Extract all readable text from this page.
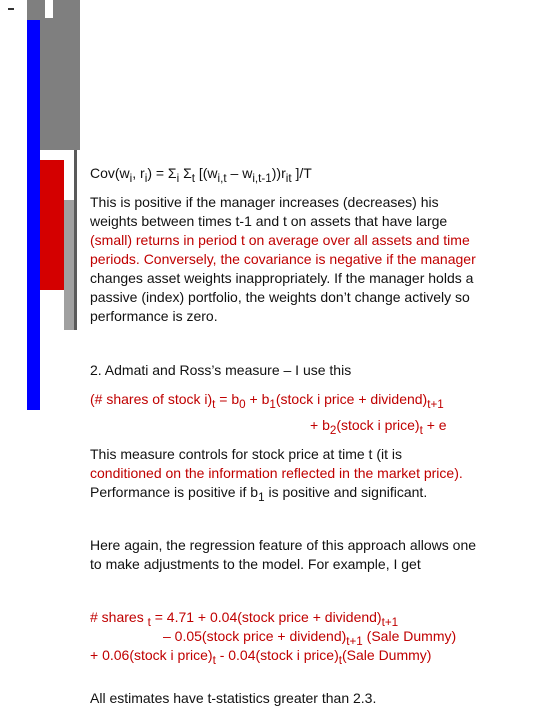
$Cov(w_i$, $r_i) = \Sigma_i$ $\Sigma_t$ $[(w_{i,t} - w_{i,t-1}))r_{it}$ ]/T
This is positive if the manager increases (decreases) his
weights between times t-1 and t on assets that have large
(small) returns in period t on average over all assets and time
periods. Conversely, the covariance is negative if the manager
changes asset weights inappropriately. If the manager holds a
passive (index) portfolio, the weights don’t change actively so
performance is zero.
2. Admati and Ross’s measure – I use this
(# shares of stock $i)_t = b_0$ + $b_1(stock$ i price + $dividend)_{t+1}$
+ $b_2(stock$ i $price)_t + e$
This measure controls for stock price at time t (it is
conditioned on the information reflected in the market price).
Performance is positive if $b_1$ is positive and significant.
Here again, the regression feature of this approach allows one
to make adjustments to the model. For example, I get
# shares $_t$ = 4.71 + 0.04(stock price + $dividend)_{t+1}$
– 0.05(stock price + $dividend)_{t+1}$ (Sale Dummy)
+ 0.06(stock i $price)_t$ - 0.04(stock i $price)_t(Sale$ Dummy)
All estimates have t-statistics greater than 2.3.
